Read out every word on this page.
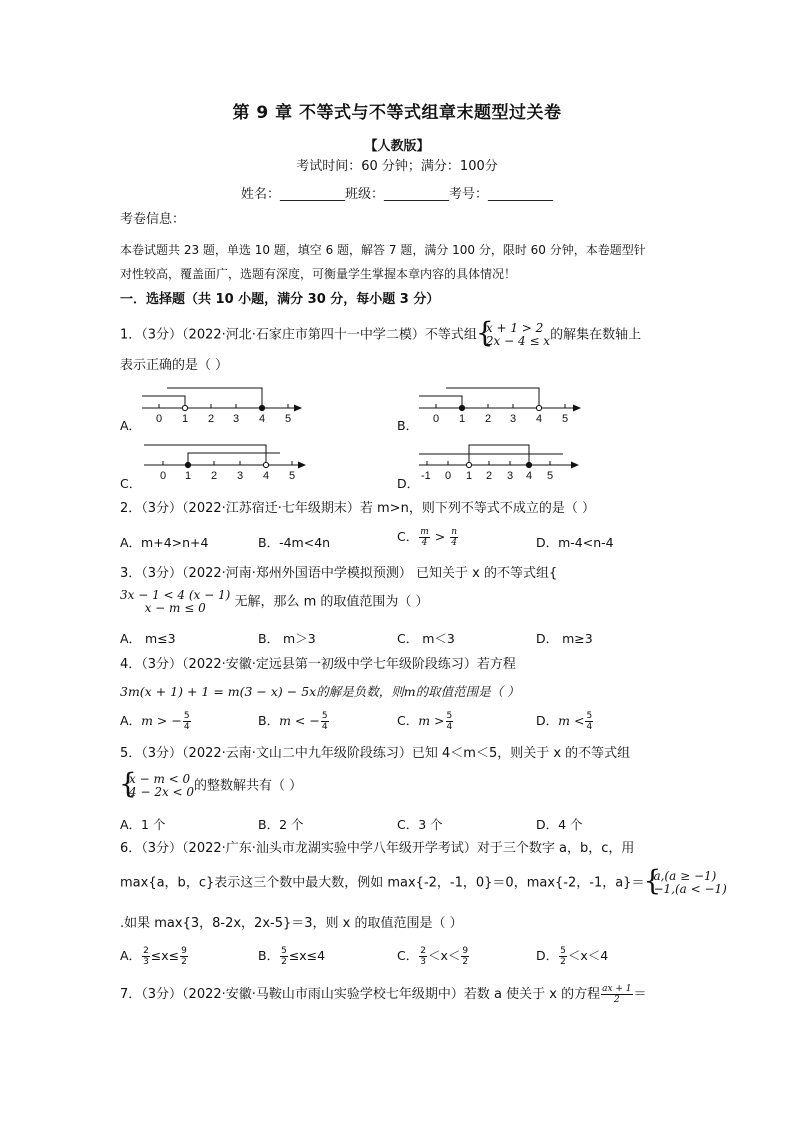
第 9 章 不等式与不等式组章末题型过关卷
【人教版】
考试时间：60 分钟；满分：100分
姓名：__________班级：__________考号：__________
考卷信息：
本卷试题共 23 题，单选 10 题，填空 6 题，解答 7 题，满分 100 分，限时 60 分钟，本卷题型针
对性较高，覆盖面广，选题有深度，可衡量学生掌握本章内容的具体情况！
一．选择题（共 10 小题，满分 30 分，每小题 3 分）
1．（3分）（2022·河北·石家庄市第四十一中学二模）不等式组 { x + 1 > 2
2x − 4 ≤ x 的解集在数轴上
表示正确的是（ ）
A．	B．
C．	D．
0 1 2 3 4 5	0 1 2 3 4 5
0 1 2 3 4 5	-1 0 1 2 3 4 5
2．（3分）（2022·江苏宿迁·七年级期末）若 m>n，则下列不等式不成立的是（ ）
A．m+4>n+4	B．-4m<4n	C． $\frac{m}{4} > \frac{n}{4}$	D．m-4<n-4
3．（3分）（2022·河南·郑州外国语中学模拟预测） 已知关于 x 的不等式组{
3x − 1 < 4 (x − 1)
x − m ≤ 0	无解，那么 m 的取值范围为（ ）
A． m≤3	B． m＞3	C． m＜3	D． m≥3
4．（3分）（2022·安徽·定远县第一初级中学七年级阶段练习）若方程
3m(x + 1) + 1 = m(3 − x) − 5x的解是负数，则m的取值范围是（ ）
A．m > − $\frac{5}{4}$	B．m < − $\frac{5}{4}$	C．$m > \frac{5}{4}$	D．$m < \frac{5}{4}$
5．（3分）（2022·云南·文山二中九年级阶段练习）已知 4＜m＜5，则关于 x 的不等式组
{ x − m < 0
4 − 2x < 0 的整数解共有（ ）
A．1 个	B．2 个	C．3 个	D．4 个
6．（3分）（2022·广东·汕头市龙湖实验中学八年级开学考试）对于三个数字 a，b，c，用
max{a，b，c}表示这三个数中最大数，例如 max{-2，-1，0}＝0，max{-2，-1，a}＝ { a,(a ≥ −1)
−1,(a < −1)
.如果 max{3，8-2x，2x-5}＝3，则 x 的取值范围是（ ）
A． $\frac{2}{3} \le x\le \frac{9}{2}$	B． $\frac{5}{2} \le x\le 4$	C． $\frac{2}{3} <x< \frac{9}{2}$	D． $\frac{5}{2} <x<4$
7．（3分）（2022·安徽·马鞍山市雨山实验学校七年级期中）若数 a 使关于 x 的方程 $\frac{ax + 1}{2}$ ＝
